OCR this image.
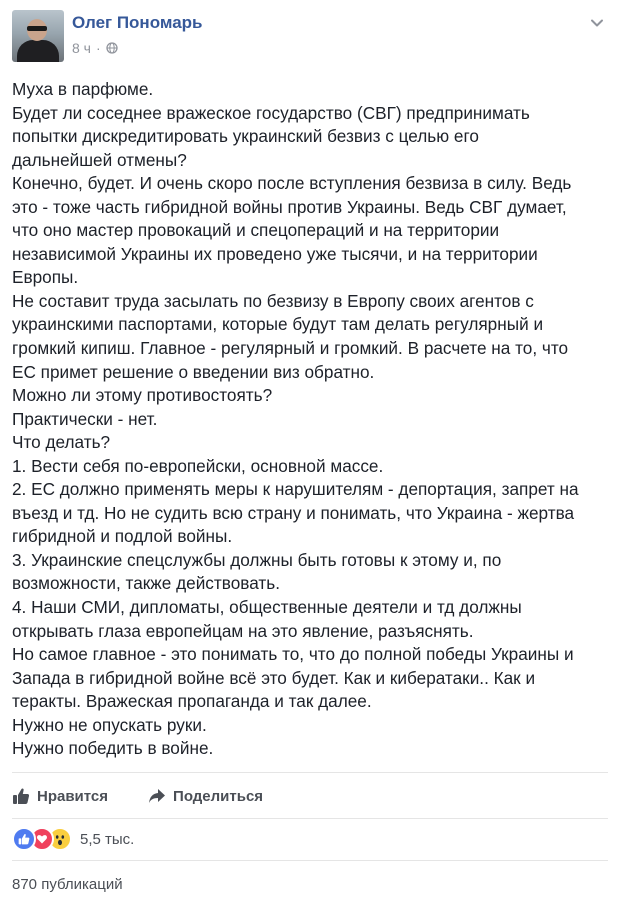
Олег Пономарь
8 ч ·
Муха в парфюме.
Будет ли соседнее вражеское государство (СВГ) предпринимать
попытки дискредитировать украинский безвиз с целью его
дальнейшей отмены?
Конечно, будет. И очень скоро после вступления безвиза в силу. Ведь
это - тоже часть гибридной войны против Украины. Ведь СВГ думает,
что оно мастер провокаций и спецопераций и на территории
независимой Украины их проведено уже тысячи, и на территории
Европы.
Не составит труда засылать по безвизу в Европу своих агентов с
украинскими паспортами, которые будут там делать регулярный и
громкий кипиш. Главное - регулярный и громкий. В расчете на то, что
ЕС примет решение о введении виз обратно.
Можно ли этому противостоять?
Практически - нет.
Что делать?
1. Вести себя по-европейски, основной массе.
2. ЕС должно применять меры к нарушителям - депортация, запрет на
въезд и тд. Но не судить всю страну и понимать, что Украина - жертва
гибридной и подлой войны.
3. Украинские спецслужбы должны быть готовы к этому и, по
возможности, также действовать.
4. Наши СМИ, дипломаты, общественные деятели и тд должны
открывать глаза европейцам на это явление, разъяснять.
Но самое главное - это понимать то, что до полной победы Украины и
Запада в гибридной войне всё это будет. Как и кибератаки.. Как и
теракты. Вражеская пропаганда и так далее.
Нужно не опускать руки.
Нужно победить в войне.
Нравится	Поделиться
5,5 тыс.
870 публикаций
